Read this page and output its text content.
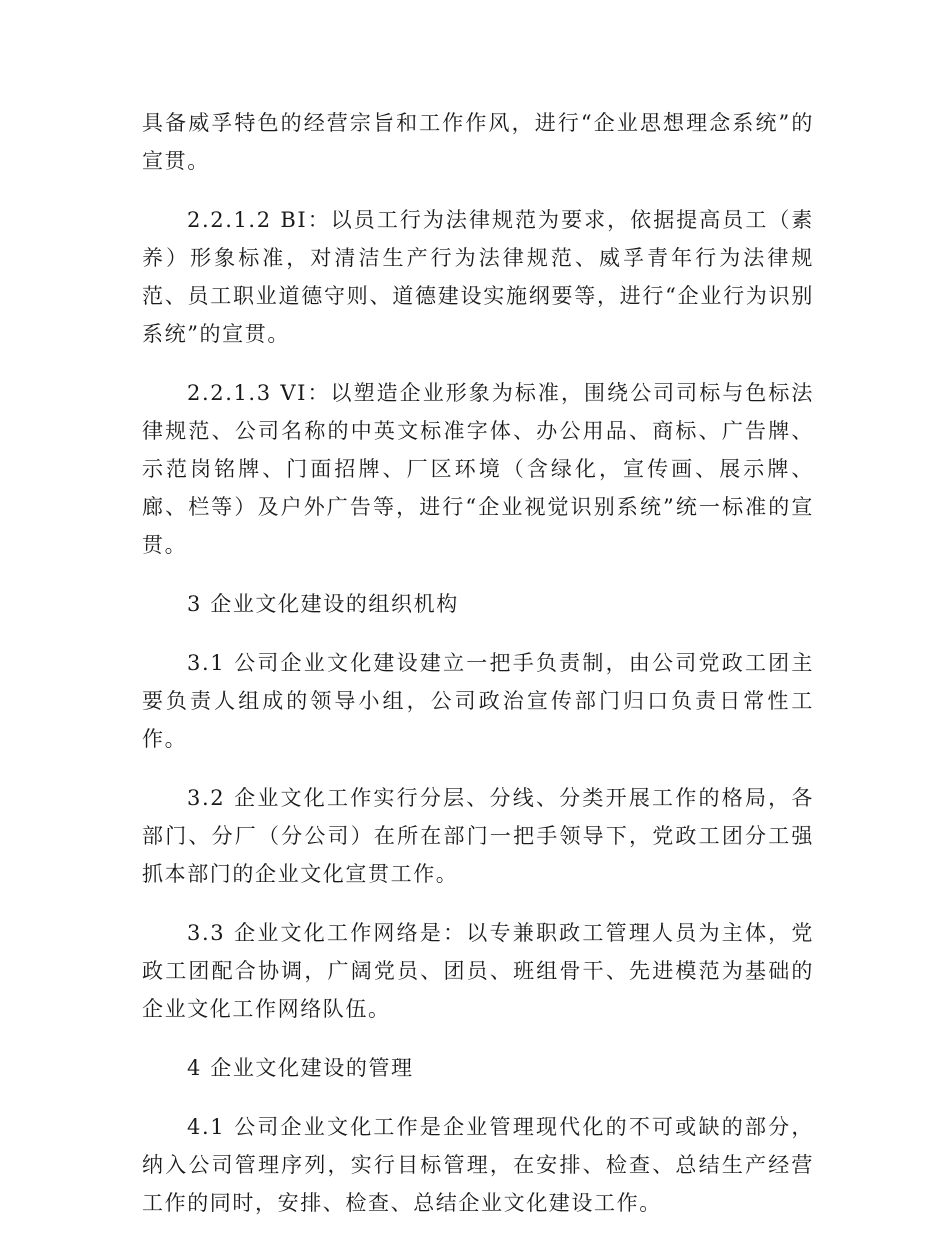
具备威孚特色的经营宗旨和工作作风，进行“企业思想理念系统”的宣贯。

2.2.1.2 BI：以员工行为法律规范为要求，依据提高员工（素养）形象标准，对清洁生产行为法律规范、威孚青年行为法律规范、员工职业道德守则、道德建设实施纲要等，进行“企业行为识别系统”的宣贯。

2.2.1.3 VI：以塑造企业形象为标准，围绕公司司标与色标法律规范、公司名称的中英文标准字体、办公用品、商标、广告牌、示范岗铭牌、门面招牌、厂区环境（含绿化，宣传画、展示牌、廊、栏等）及户外广告等，进行“企业视觉识别系统”统一标准的宣贯。

3 企业文化建设的组织机构

3.1 公司企业文化建设建立一把手负责制，由公司党政工团主要负责人组成的领导小组，公司政治宣传部门归口负责日常性工作。

3.2 企业文化工作实行分层、分线、分类开展工作的格局，各部门、分厂（分公司）在所在部门一把手领导下，党政工团分工强抓本部门的企业文化宣贯工作。

3.3 企业文化工作网络是：以专兼职政工管理人员为主体，党政工团配合协调，广阔党员、团员、班组骨干、先进模范为基础的企业文化工作网络队伍。

4 企业文化建设的管理

4.1 公司企业文化工作是企业管理现代化的不可或缺的部分，纳入公司管理序列，实行目标管理，在安排、检查、总结生产经营工作的同时，安排、检查、总结企业文化建设工作。
